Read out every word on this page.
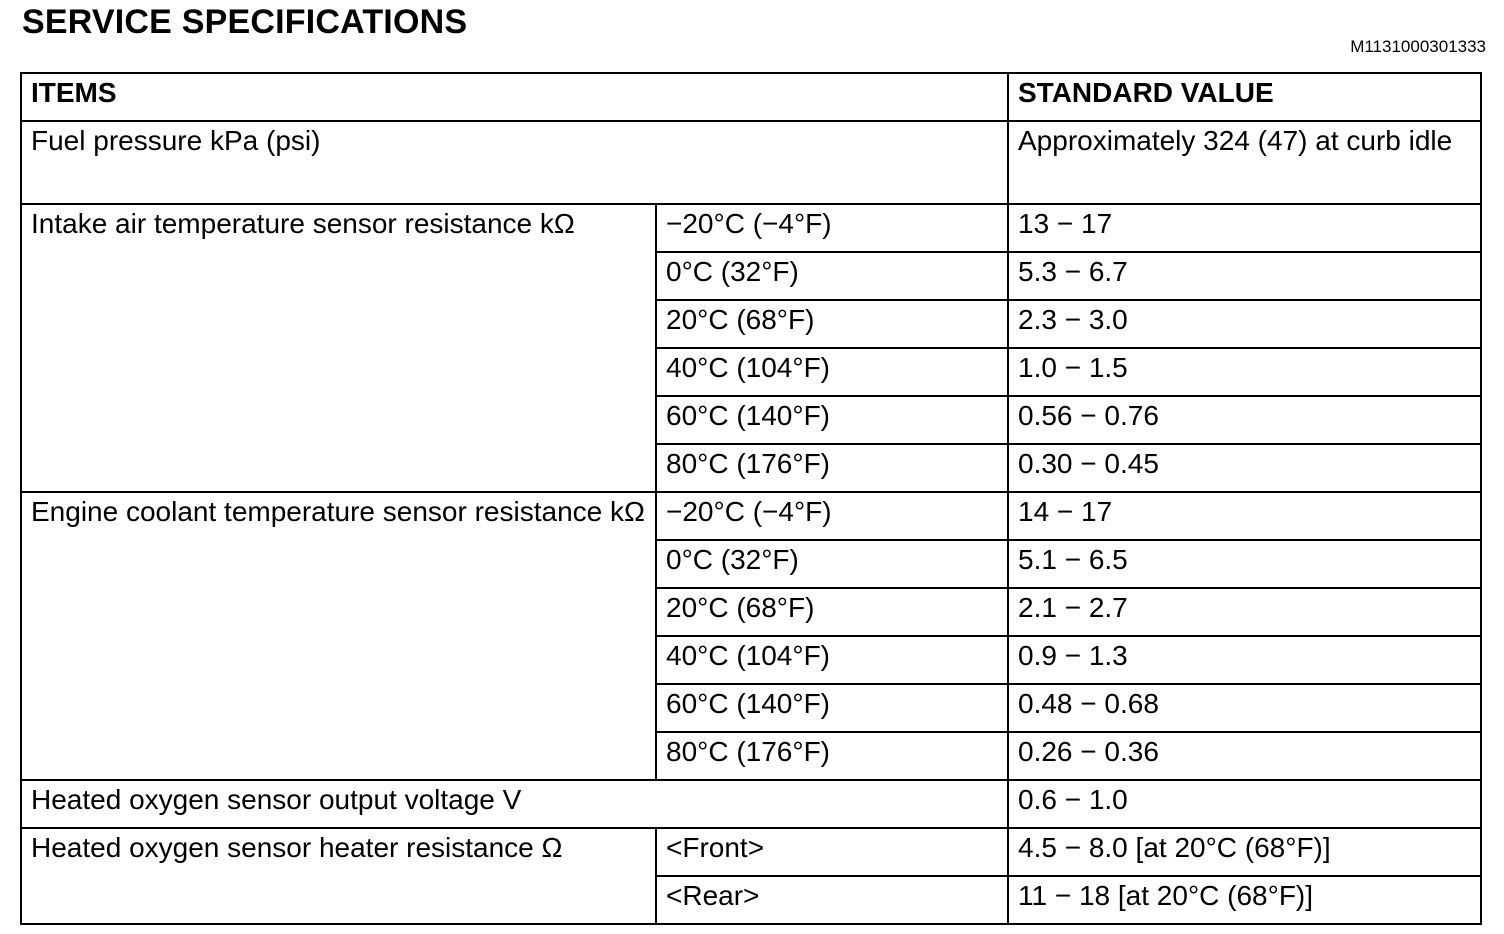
SERVICE SPECIFICATIONS
M1131000301333
ITEMS		STANDARD VALUE
Fuel pressure kPa (psi)		Approximately 324 (47) at curb idle
Intake air temperature sensor resistance kΩ	−20°C (−4°F)	13 − 17
	0°C (32°F)	5.3 − 6.7
	20°C (68°F)	2.3 − 3.0
	40°C (104°F)	1.0 − 1.5
	60°C (140°F)	0.56 − 0.76
	80°C (176°F)	0.30 − 0.45
Engine coolant temperature sensor resistance kΩ	−20°C (−4°F)	14 − 17
	0°C (32°F)	5.1 − 6.5
	20°C (68°F)	2.1 − 2.7
	40°C (104°F)	0.9 − 1.3
	60°C (140°F)	0.48 − 0.68
	80°C (176°F)	0.26 − 0.36
Heated oxygen sensor output voltage V		0.6 − 1.0
Heated oxygen sensor heater resistance Ω	<Front>	4.5 − 8.0 [at 20°C (68°F)]
	<Rear>	11 − 18 [at 20°C (68°F)]
